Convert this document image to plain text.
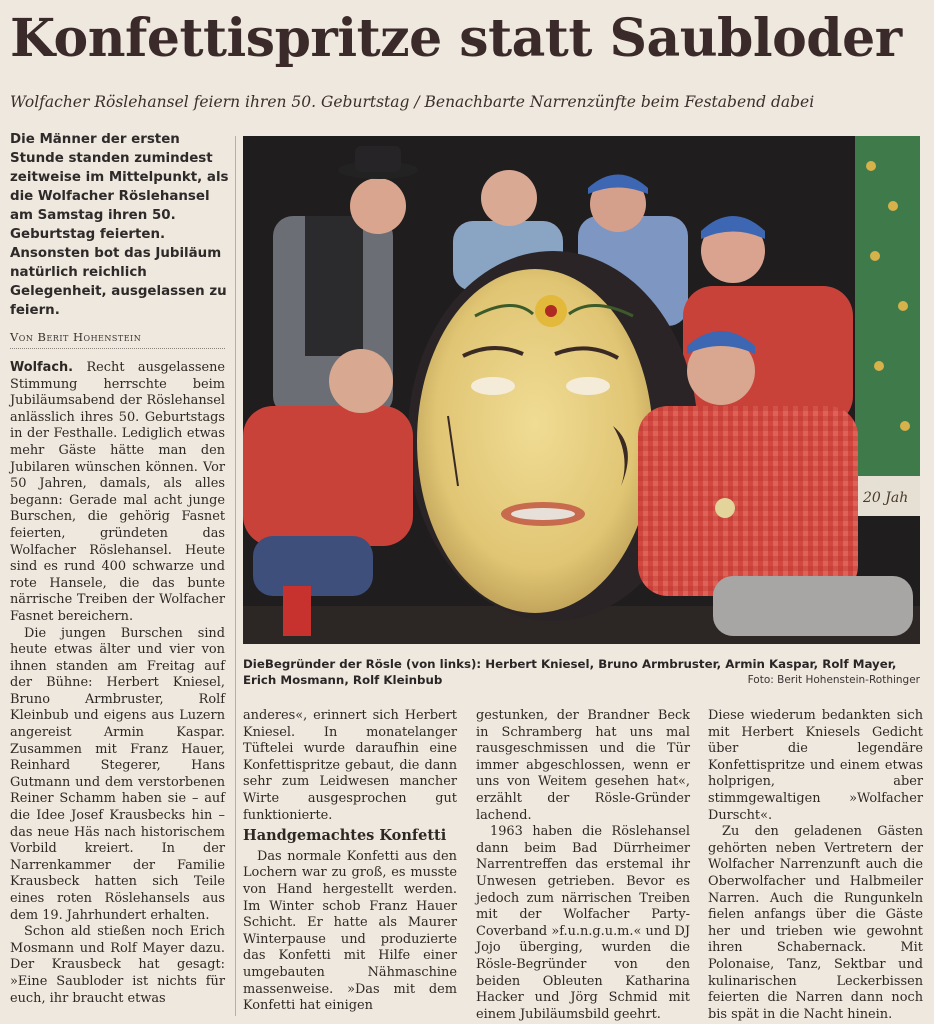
Konfettispritze statt Saubloder
Wolfacher Röslehansel feiern ihren 50. Geburtstag / Benachbarte Narrenzünfte beim Festabend dabei
Die Männer der ersten Stunde standen zumindest zeitweise im Mittelpunkt, als die Wolfacher Röslehansel am Samstag ihren 50. Geburtstag feierten. Ansonsten bot das Jubiläum natürlich reichlich Gelegenheit, ausgelassen zu feiern.
Von Berit Hohenstein

Wolfach. Recht ausgelassene Stimmung herrschte beim Jubiläumsabend der Röslehansel anlässlich ihres 50. Geburtstags in der Festhalle. Lediglich etwas mehr Gäste hätte man den Jubilaren wünschen können. Vor 50 Jahren, damals, als alles begann: Gerade mal acht junge Burschen, die gehörig Fasnet feierten, gründeten das Wolfacher Röslehansel. Heute sind es rund 400 schwarze und rote Hansele, die das bunte närrische Treiben der Wolfacher Fasnet bereichern.

Die jungen Burschen sind heute etwas älter und vier von ihnen standen am Freitag auf der Bühne: Herbert Kniesel, Bruno Armbruster, Rolf Kleinbub und eigens aus Luzern angereist Armin Kaspar. Zusammen mit Franz Hauer, Reinhard Stegerer, Hans Gutmann und dem verstorbenen Reiner Schamm haben sie – auf die Idee Josef Krausbecks hin – das neue Häs nach historischem Vorbild kreiert. In der Narrenkammer der Familie Krausbeck hatten sich Teile eines roten Röslehansels aus dem 19. Jahrhundert erhalten.

Schon ald stießen noch Erich Mosmann und Rolf Mayer dazu. Der Krausbeck hat gesagt: »Eine Saubloder ist nichts für euch, ihr braucht etwas

20 Jah
DieBegründer der Rösle (von links): Herbert Kniesel, Bruno Armbruster, Armin Kaspar, Rolf Mayer, Erich Mosmann, Rolf Kleinbub	Foto: Berit Hohenstein-Rothinger

anderes«, erinnert sich Herbert Kniesel. In monatelanger Tüftelei wurde daraufhin eine Konfettispritze gebaut, die dann sehr zum Leidwesen mancher Wirte ausgesprochen gut funktionierte.

Handgemachtes Konfetti

Das normale Konfetti aus den Lochern war zu groß, es musste von Hand hergestellt werden. Im Winter schob Franz Hauer Schicht. Er hatte als Maurer Winterpause und produzierte das Konfetti mit Hilfe einer umgebauten Nähmaschine massenweise. »Das mit dem Konfetti hat einigen

gestunken, der Brandner Beck in Schramberg hat uns mal rausgeschmissen und die Tür immer abgeschlossen, wenn er uns von Weitem gesehen hat«, erzählt der Rösle-Gründer lachend.

1963 haben die Röslehansel dann beim Bad Dürrheimer Narrentreffen das erstemal ihr Unwesen getrieben. Bevor es jedoch zum närrischen Treiben mit der Wolfacher Party-Coverband »f.u.n.g.u.m.« und DJ Jojo überging, wurden die Rösle-Begründer von den beiden Obleuten Katharina Hacker und Jörg Schmid mit einem Jubiläumsbild geehrt.

Diese wiederum bedankten sich mit Herbert Kniesels Gedicht über die legendäre Konfettispritze und einem etwas holprigen, aber stimmgewaltigen »Wolfacher Durscht«.

Zu den geladenen Gästen gehörten neben Vertretern der Wolfacher Narrenzunft auch die Oberwolfacher und Halbmeiler Narren. Auch die Rungunkeln fielen anfangs über die Gäste her und trieben wie gewohnt ihren Schabernack. Mit Polonaise, Tanz, Sektbar und kulinarischen Leckerbissen feierten die Narren dann noch bis spät in die Nacht hinein.
